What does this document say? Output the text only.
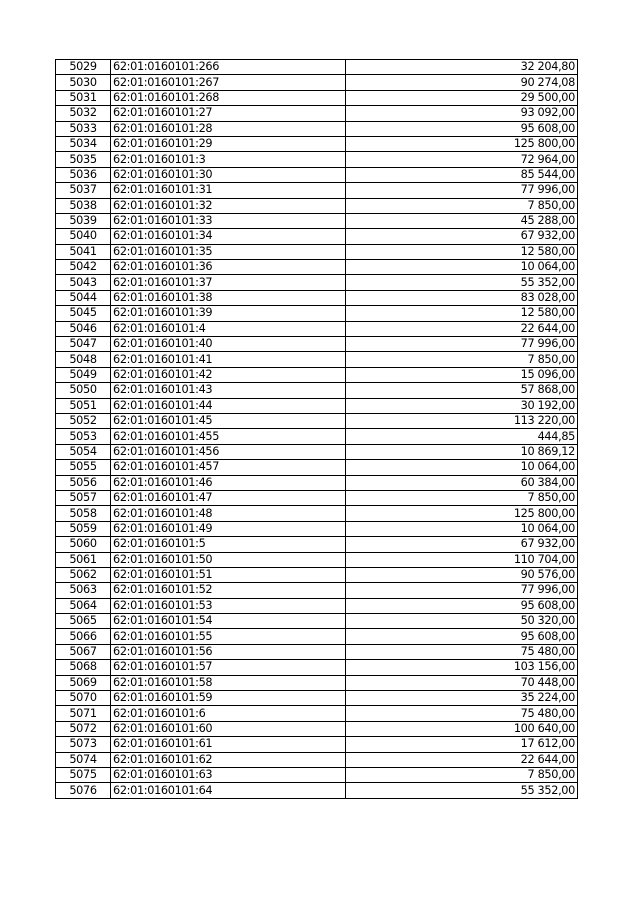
5029	62:01:0160101:266	32 204,80
5030	62:01:0160101:267	90 274,08
5031	62:01:0160101:268	29 500,00
5032	62:01:0160101:27	93 092,00
5033	62:01:0160101:28	95 608,00
5034	62:01:0160101:29	125 800,00
5035	62:01:0160101:3	72 964,00
5036	62:01:0160101:30	85 544,00
5037	62:01:0160101:31	77 996,00
5038	62:01:0160101:32	7 850,00
5039	62:01:0160101:33	45 288,00
5040	62:01:0160101:34	67 932,00
5041	62:01:0160101:35	12 580,00
5042	62:01:0160101:36	10 064,00
5043	62:01:0160101:37	55 352,00
5044	62:01:0160101:38	83 028,00
5045	62:01:0160101:39	12 580,00
5046	62:01:0160101:4	22 644,00
5047	62:01:0160101:40	77 996,00
5048	62:01:0160101:41	7 850,00
5049	62:01:0160101:42	15 096,00
5050	62:01:0160101:43	57 868,00
5051	62:01:0160101:44	30 192,00
5052	62:01:0160101:45	113 220,00
5053	62:01:0160101:455	444,85
5054	62:01:0160101:456	10 869,12
5055	62:01:0160101:457	10 064,00
5056	62:01:0160101:46	60 384,00
5057	62:01:0160101:47	7 850,00
5058	62:01:0160101:48	125 800,00
5059	62:01:0160101:49	10 064,00
5060	62:01:0160101:5	67 932,00
5061	62:01:0160101:50	110 704,00
5062	62:01:0160101:51	90 576,00
5063	62:01:0160101:52	77 996,00
5064	62:01:0160101:53	95 608,00
5065	62:01:0160101:54	50 320,00
5066	62:01:0160101:55	95 608,00
5067	62:01:0160101:56	75 480,00
5068	62:01:0160101:57	103 156,00
5069	62:01:0160101:58	70 448,00
5070	62:01:0160101:59	35 224,00
5071	62:01:0160101:6	75 480,00
5072	62:01:0160101:60	100 640,00
5073	62:01:0160101:61	17 612,00
5074	62:01:0160101:62	22 644,00
5075	62:01:0160101:63	7 850,00
5076	62:01:0160101:64	55 352,00
